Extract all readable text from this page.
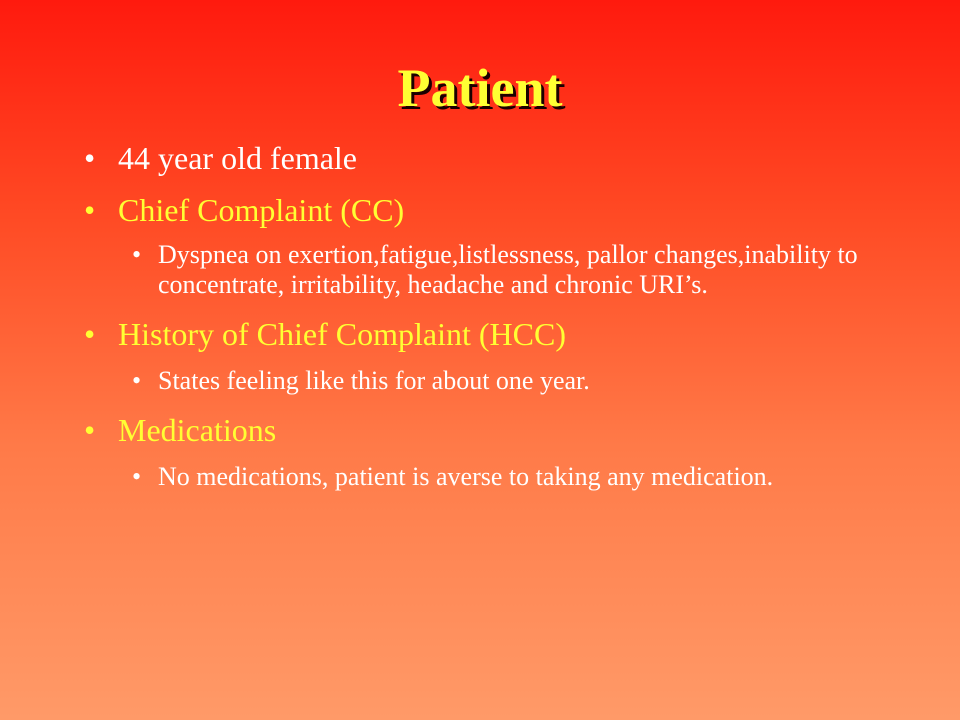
Patient
• 44 year old female
• Chief Complaint (CC)
• Dyspnea on exertion,fatigue,listlessness, pallor changes,inability to concentrate, irritability, headache and chronic URI’s.
• History of Chief Complaint (HCC)
• States feeling like this for about one year.
• Medications
• No medications, patient is averse to taking any medication.
